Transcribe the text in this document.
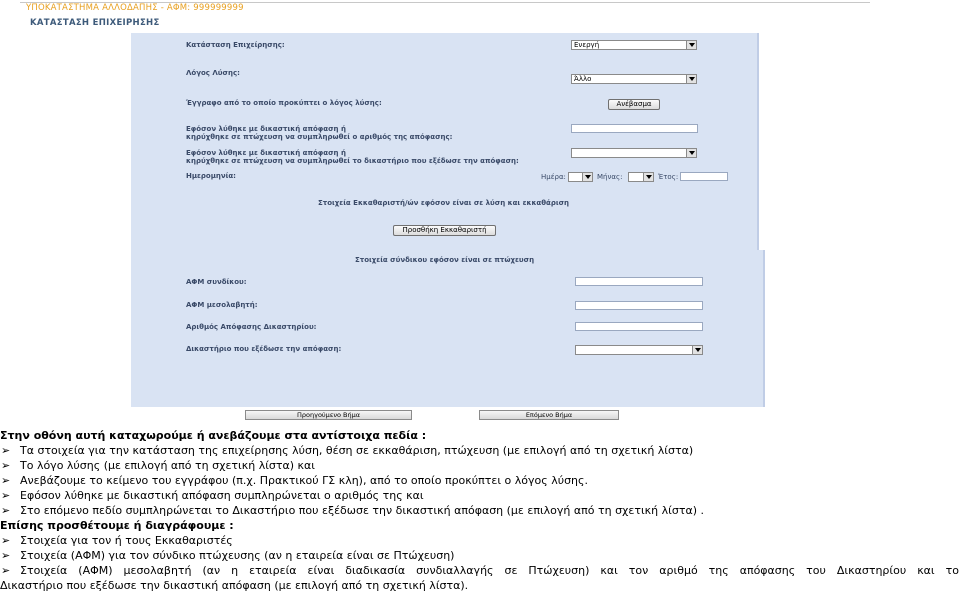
ΥΠΟΚΑΤΑΣΤΗΜΑ ΑΛΛΟΔΑΠΗΣ - ΑΦΜ: 999999999
ΚΑΤΑΣΤΑΣΗ ΕΠΙΧΕΙΡΗΣΗΣ
Κατάσταση Επιχείρησης:	Ενεργή
Λόγος Λύσης:
Άλλο
Έγγραφο από το οποίο προκύπτει ο λόγος λύσης:	Ανέβασμα
Εφόσον λύθηκε με δικαστική απόφαση ή
κηρύχθηκε σε πτώχευση να συμπληρωθεί ο αριθμός της απόφασης:
Εφόσον λύθηκε με δικαστική απόφαση ή
κηρύχθηκε σε πτώχευση να συμπληρωθεί το δικαστήριο που εξέδωσε την απόφαση:
Ημερομηνία:	Ημέρα:	Μήνας:	Έτος:
Στοιχεία Εκκαθαριστή/ών εφόσον είναι σε λύση και εκκαθάριση
Προσθήκη Εκκαθαριστή
Στοιχεία σύνδικου εφόσον είναι σε πτώχευση
ΑΦΜ συνδίκου:
ΑΦΜ μεσολαβητή:
Αριθμός Απόφασης Δικαστηρίου:
Δικαστήριο που εξέδωσε την απόφαση:
Προηγούμενο Βήμα	Επόμενο Βήμα
Στην οθόνη αυτή καταχωρούμε ή ανεβάζουμε στα αντίστοιχα πεδία :
➢ Τα στοιχεία για την κατάσταση της επιχείρησης λύση, θέση σε εκκαθάριση, πτώχευση (με επιλογή από τη σχετική λίστα)
➢ Το λόγο λύσης (με επιλογή από τη σχετική λίστα) και
➢ Ανεβάζουμε το κείμενο του εγγράφου (π.χ. Πρακτικού ΓΣ κλη), από το οποίο προκύπτει ο λόγος λύσης.
➢ Εφόσον λύθηκε με δικαστική απόφαση συμπληρώνεται ο αριθμός της και
➢ Στο επόμενο πεδίο συμπληρώνεται το Δικαστήριο που εξέδωσε την δικαστική απόφαση (με επιλογή από τη σχετική λίστα) .
Επίσης προσθέτουμε ή διαγράφουμε :
➢ Στοιχεία για τον ή τους Εκκαθαριστές
➢ Στοιχεία (ΑΦΜ) για τον σύνδικο πτώχευσης (αν η εταιρεία είναι σε Πτώχευση)
➢ Στοιχεία (ΑΦΜ) μεσολαβητή (αν η εταιρεία είναι διαδικασία συνδιαλλαγής σε Πτώχευση) και τον αριθμό της απόφασης του Δικαστηρίου και το
Δικαστήριο που εξέδωσε την δικαστική απόφαση (με επιλογή από τη σχετική λίστα).
